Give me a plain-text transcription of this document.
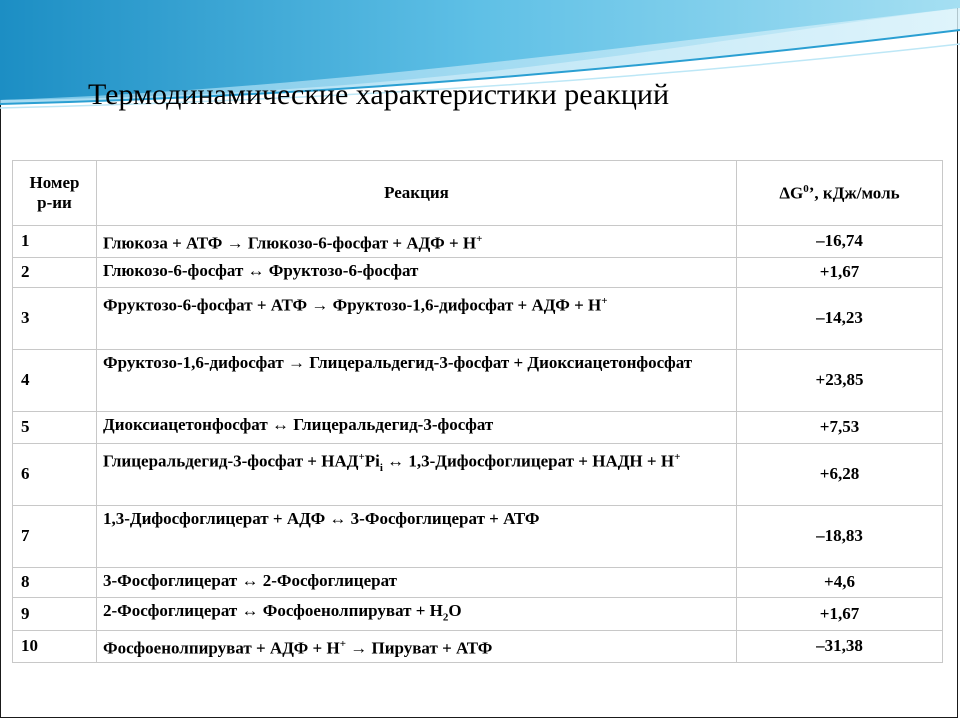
Термодинамические характеристики реакций
Номер
р-ии	Реакция	$\Delta G^0$’, кДж/моль
1	Глюкоза + АТФ → Глюкозо-6-фосфат + АДФ + Н+	–16,74
2	Глюкозо-6-фосфат ↔ Фруктозо-6-фосфат	+1,67
3	Фруктозо-6-фосфат + АТФ → Фруктозо-1,6-дифосфат + АДФ + Н+	–14,23
4	Фруктозо-1,6-дифосфат → Глицеральдегид-3-фосфат + Диоксиацетонфосфат	+23,85
5	Диоксиацетонфосфат ↔ Глицеральдегид-3-фосфат	+7,53
6	Глицеральдегид-3-фосфат + $НАД^+Pi_i$ ↔ 1,3-Дифосфоглицерат + НАДН + Н+	+6,28
7	1,3-Дифосфоглицерат + АДФ ↔ 3-Фосфоглицерат + АТФ	–18,83
8	3-Фосфоглицерат ↔ 2-Фосфоглицерат	+4,6
9	2-Фосфоглицерат ↔ Фосфоенолпируват + $Н_2О$	+1,67
10	Фосфоенолпируват + АДФ + Н+ → Пируват + АТФ	–31,38
